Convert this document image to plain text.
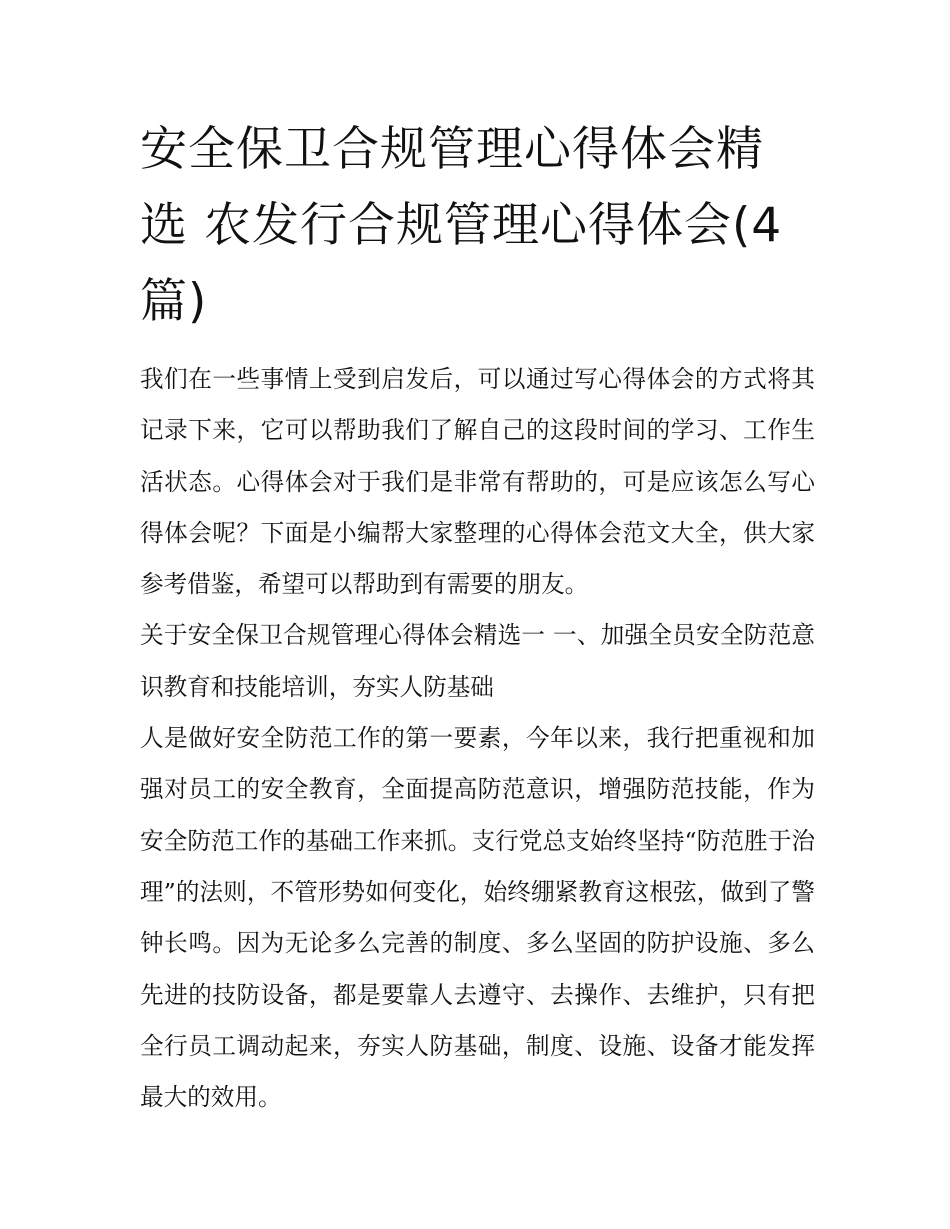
安全保卫合规管理心得体会精选 农发行合规管理心得体会(4篇)

我们在一些事情上受到启发后，可以通过写心得体会的方式将其记录下来，它可以帮助我们了解自己的这段时间的学习、工作生活状态。心得体会对于我们是非常有帮助的，可是应该怎么写心得体会呢？下面是小编帮大家整理的心得体会范文大全，供大家参考借鉴，希望可以帮助到有需要的朋友。

关于安全保卫合规管理心得体会精选一 一、加强全员安全防范意识教育和技能培训，夯实人防基础

人是做好安全防范工作的第一要素，今年以来，我行把重视和加强对员工的安全教育，全面提高防范意识，增强防范技能，作为安全防范工作的基础工作来抓。支行党总支始终坚持“防范胜于治理”的法则，不管形势如何变化，始终绷紧教育这根弦，做到了警钟长鸣。因为无论多么完善的制度、多么坚固的防护设施、多么先进的技防设备，都是要靠人去遵守、去操作、去维护，只有把全行员工调动起来，夯实人防基础，制度、设施、设备才能发挥最大的效用。
